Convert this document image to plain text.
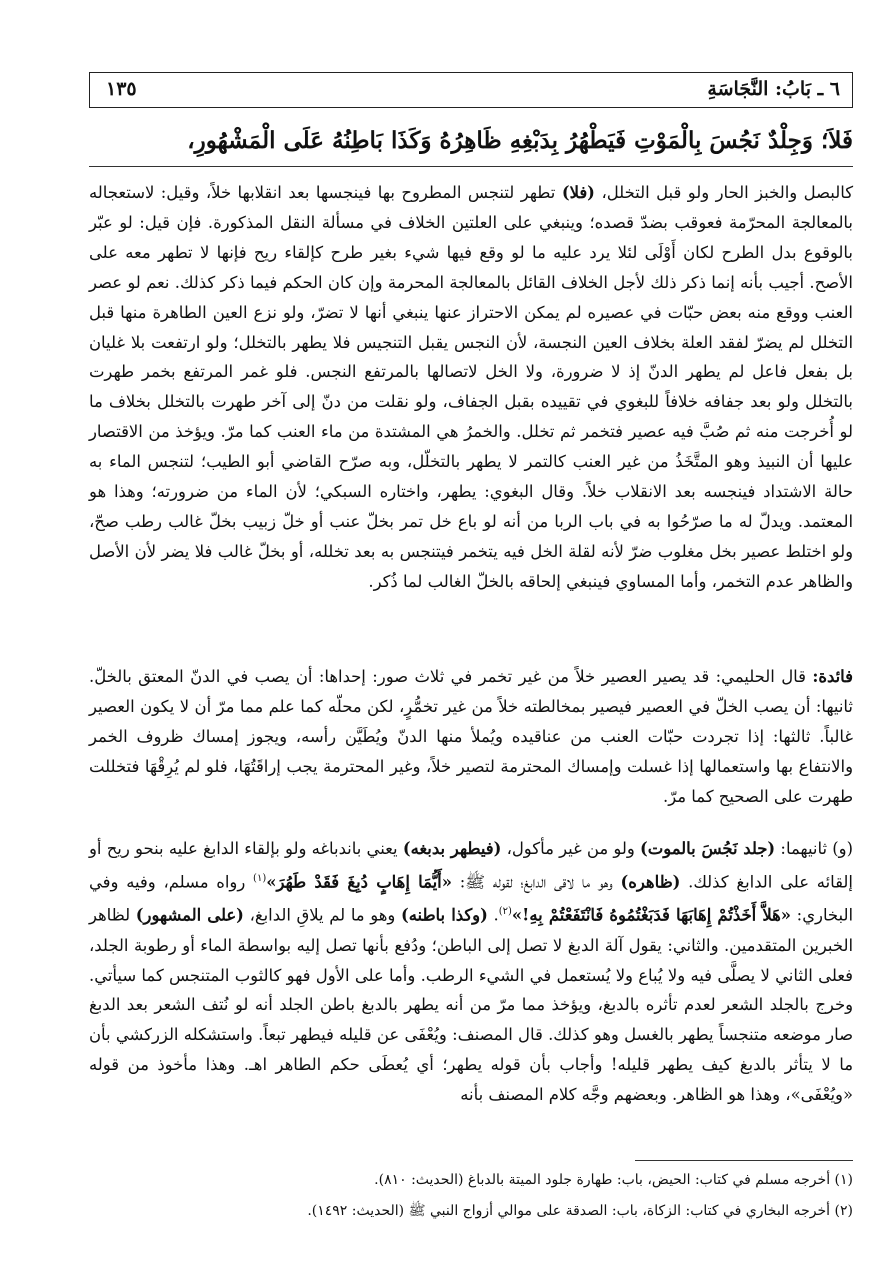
٦ ـ بَابُ: النَّجَاسَةِ
١٣٥
فَلاَ؛ وَجِلْدٌ نَجُسَ بِالْمَوْتِ فَيَطْهُرُ بِدَبْغِهِ ظَاهِرُهُ وَكَذَا بَاطِنُهُ عَلَى الْمَشْهُورِ،
كالبصل والخبز الحار ولو قبل التخلل، (فلا) تطهر لتنجس المطروح بها فينجسها بعد انقلابها خلاً، وقيل: لاستعجاله بالمعالجة المحرّمة فعوقب بضدّ قصده؛ وينبغي على العلتين الخلاف في مسألة النقل المذكورة. فإن قيل: لو عبّر بالوقوع بدل الطرح لكان أَوْلَى لئلا يرد عليه ما لو وقع فيها شيء بغير طرح كإلقاء ريح فإنها لا تطهر معه على الأصح. أجيب بأنه إنما ذكر ذلك لأجل الخلاف القائل بالمعالجة المحرمة وإن كان الحكم فيما ذكر كذلك. نعم لو عصر العنب ووقع منه بعض حبّات في عصيره لم يمكن الاحتراز عنها ينبغي أنها لا تضرّ، ولو نزع العين الطاهرة منها قبل التخلل لم يضرّ لفقد العلة بخلاف العين النجسة، لأن النجس يقبل التنجيس فلا يطهر بالتخلل؛ ولو ارتفعت بلا غليان بل بفعل فاعل لم يطهر الدنّ إذ لا ضرورة، ولا الخل لاتصالها بالمرتفع النجس. فلو غمر المرتفع بخمر طهرت بالتخلل ولو بعد جفافه خلافاً للبغوي في تقييده بقبل الجفاف، ولو نقلت من دنّ إلى آخر طهرت بالتخلل بخلاف ما لو أُخرجت منه ثم صُبَّ فيه عصير فتخمر ثم تخلل. والخمرُ هي المشتدة من ماء العنب كما مرّ. ويؤخذ من الاقتصار عليها أن النبيذ وهو المتَّخَذُ من غير العنب كالتمر لا يطهر بالتخلّل، وبه صرّح القاضي أبو الطيب؛ لتنجس الماء به حالة الاشتداد فينجسه بعد الانقلاب خلاً. وقال البغوي: يطهر، واختاره السبكي؛ لأن الماء من ضرورته؛ وهذا هو المعتمد. ويدلّ له ما صرّحُوا به في باب الربا من أنه لو باع خل تمر بخلّ عنب أو خلّ زبيب بخلّ غالب رطب صحّ، ولو اختلط عصير بخل مغلوب ضرّ لأنه لقلة الخل فيه يتخمر فيتنجس به بعد تخلله، أو بخلّ غالب فلا يضر لأن الأصل والظاهر عدم التخمر، وأما المساوي فينبغي إلحاقه بالخلّ الغالب لما ذُكر.
فائدة: قال الحليمي: قد يصير العصير خلاً من غير تخمر في ثلاث صور: إحداها: أن يصب في الدنّ المعتق بالخلّ. ثانيها: أن يصب الخلّ في العصير فيصير بمخالطته خلاً من غير تخمُّرٍ، لكن محلّه كما علم مما مرّ أن لا يكون العصير غالباً. ثالثها: إذا تجردت حبّات العنب من عناقيده ويُملأ منها الدنّ ويُطَيَّن رأسه، ويجوز إمساك ظروف الخمر والانتفاع بها واستعمالها إذا غسلت وإمساك المحترمة لتصير خلاً، وغير المحترمة يجب إراقَتُهَا، فلو لم يُرِقْهَا فتخللت طهرت على الصحيح كما مرّ.
(و) ثانيهما: (جلد نَجُسَ بالموت) ولو من غير مأكول، (فيطهر بدبغه) يعني باندباغه ولو بإلقاء الدابغ عليه بنحو ريح أو إلقائه على الدابغ كذلك. (ظاهره) وهو ما لاقى الدابغ؛ لقوله ﷺ: «أَيُّمَا إِهَابٍ دُبِغَ فَقَدْ طَهُرَ»$^{(١)}$ رواه مسلم، وفيه وفي البخاري: «هَلاَّ أَخَذْتُمْ إِهَابَهَا فَدَبَغْتُمُوهُ فَانْتَفَعْتُمْ بِهِ!»$^{(٢)}$. (وكذا باطنه) وهو ما لم يلاقِ الدابغ، (على المشهور) لظاهر الخبرين المتقدمين. والثاني: يقول آلة الدبغ لا تصل إلى الباطن؛ ودُفع بأنها تصل إليه بواسطة الماء أو رطوبة الجلد، فعلى الثاني لا يصلَّى فيه ولا يُباع ولا يُستعمل في الشيء الرطب. وأما على الأول فهو كالثوب المتنجس كما سيأتي. وخرج بالجلد الشعر لعدم تأثره بالدبغ، ويؤخذ مما مرّ من أنه يطهر بالدبغ باطن الجلد أنه لو نُتف الشعر بعد الدبغ صار موضعه متنجساً يطهر بالغسل وهو كذلك. قال المصنف: ويُعْفَى عن قليله فيطهر تبعاً. واستشكله الزركشي بأن ما لا يتأثر بالدبغ كيف يطهر قليله! وأجاب بأن قوله يطهر؛ أي يُعطَى حكم الطاهر اهـ. وهذا مأخوذ من قوله «ويُعْفَى»، وهذا هو الظاهر. وبعضهم وجَّه كلام المصنف بأنه
(١) أخرجه مسلم في كتاب: الحيض، باب: طهارة جلود الميتة بالدباغ (الحديث: ٨١٠).
(٢) أخرجه البخاري في كتاب: الزكاة، باب: الصدقة على موالي أزواج النبي ﷺ (الحديث: ١٤٩٢).
